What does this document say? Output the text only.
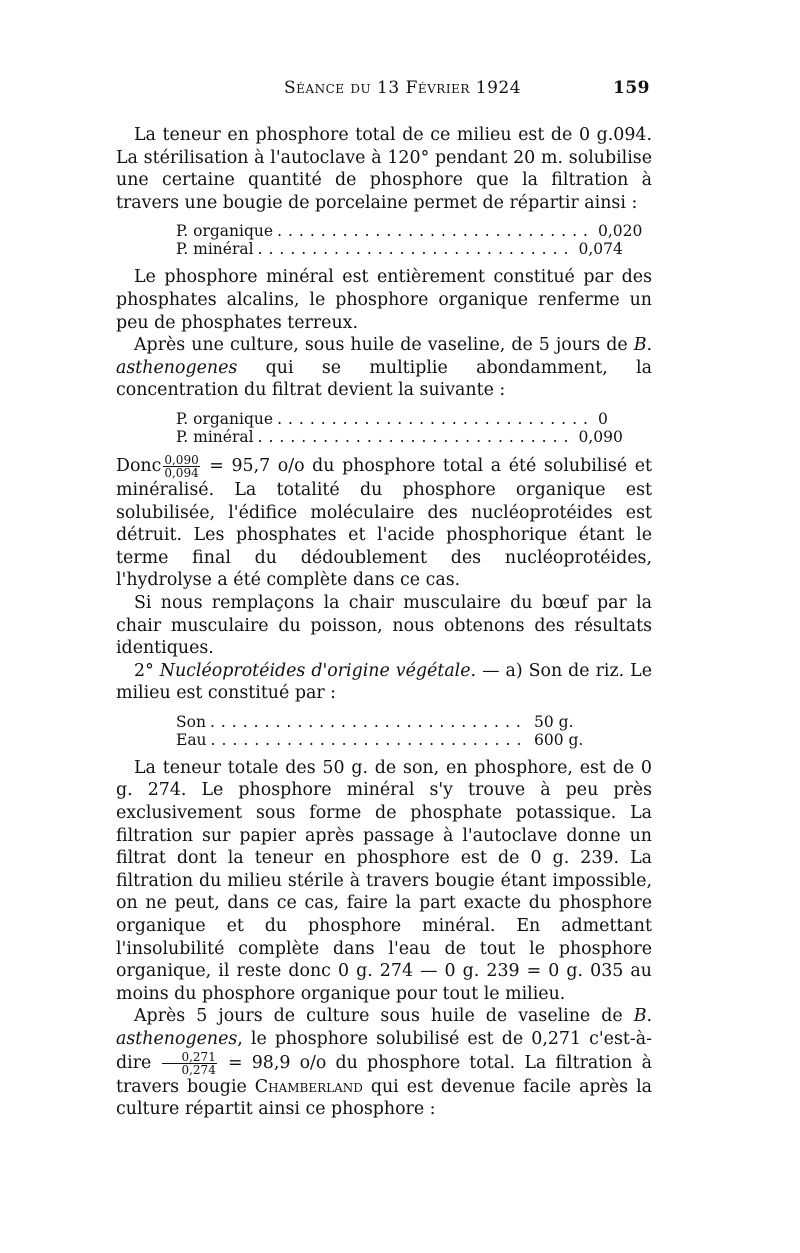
Séance du 13 Février 1924	159

La teneur en phosphore total de ce milieu est de 0 g.094. La stérilisation à l'autoclave à 120° pendant 20 m. solubilise une certaine quantité de phosphore que la filtration à travers une bougie de porcelaine permet de répartir ainsi :

P. organique ............................. 0,020
P. minéral ............................. 0,074

Le phosphore minéral est entièrement constitué par des phosphates alcalins, le phosphore organique renferme un peu de phosphates terreux.

Après une culture, sous huile de vaseline, de 5 jours de B. asthenogenes qui se multiplie abondamment, la concentration du filtrat devient la suivante :

P. organique ............................. 0
P. minéral ............................. 0,090

Donc $\frac{0,090}{0,094} = 95,7$ o/o du phosphore total a été solubilisé et minéralisé. La totalité du phosphore organique est solubilisée, l'édifice moléculaire des nucléoprotéides est détruit. Les phosphates et l'acide phosphorique étant le terme final du dédoublement des nucléoprotéides, l'hydrolyse a été complète dans ce cas.

Si nous remplaçons la chair musculaire du bœuf par la chair musculaire du poisson, nous obtenons des résultats identiques.

2° Nucléoprotéides d'origine végétale. — a) Son de riz. Le milieu est constitué par :

Son ............................. 50 g.
Eau ............................. 600 g.

La teneur totale des 50 g. de son, en phosphore, est de 0 g. 274. Le phosphore minéral s'y trouve à peu près exclusivement sous forme de phosphate potassique. La filtration sur papier après passage à l'autoclave donne un filtrat dont la teneur en phosphore est de 0 g. 239. La filtration du milieu stérile à travers bougie étant impossible, on ne peut, dans ce cas, faire la part exacte du phosphore organique et du phosphore minéral. En admettant l'insolubilité complète dans l'eau de tout le phosphore organique, il reste donc 0 g. 274 — 0 g. 239 = 0 g. 035 au moins du phosphore organique pour tout le milieu.

Après 5 jours de culture sous huile de vaseline de B. asthenogenes, le phosphore solubilisé est de 0,271 c'est-à-dire $\frac{0,271}{0,274} = 98,9$ o/o du phosphore total. La filtration à travers bougie Chamberland qui est devenue facile après la culture répartit ainsi ce phosphore :
